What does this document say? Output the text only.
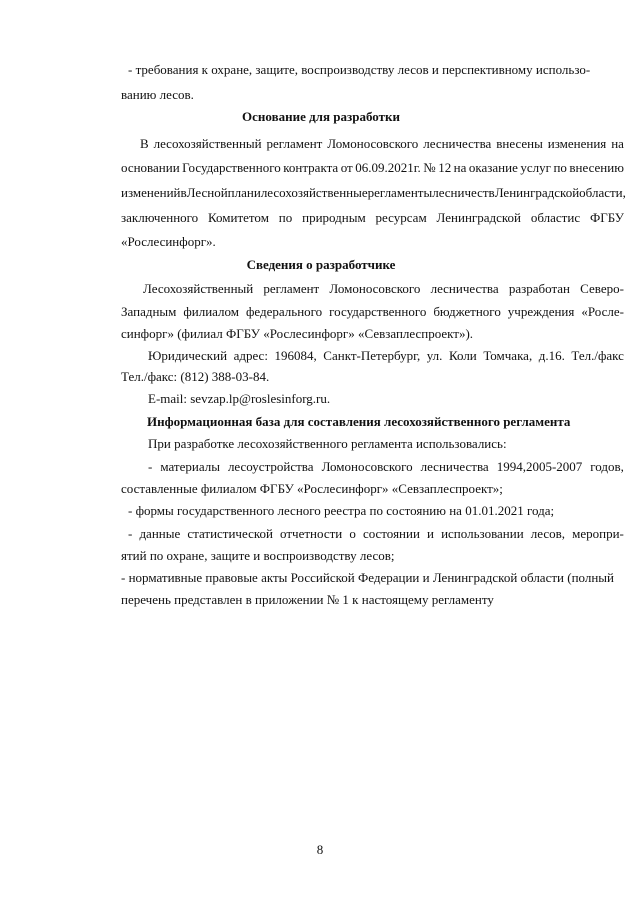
- требования к охране, защите, воспроизводству лесов и перспективному использо-
ванию лесов.
Основание для разработки
В лесохозяйственный регламент Ломоносовского лесничества внесены изменения на
основании Государственного контракта от 06.09.2021г. № 12 на оказание услуг по внесению
изменений в Лесной план и лесохозяйственные регламенты лесничеств Ленинградской области,
заключенного Комитетом по природным ресурсам Ленинградской областис ФГБУ
«Рослесинфорг».
Сведения о разработчике
Лесохозяйственный регламент Ломоносовского лесничества разработан Северо-
Западным филиалом федерального государственного бюджетного учреждения «Росле-
синфорг» (филиал ФГБУ «Рослесинфорг» «Севзаплеспроект»).
Юридический адрес: 196084, Санкт-Петербург, ул. Коли Томчака, д.16. Тел./факс
Тел./факс: (812) 388-03-84.
E-mail: sevzap.lp@roslesinforg.ru.
Информационная база для составления лесохозяйственного регламента
При разработке лесохозяйственного регламента использовались:
- материалы лесоустройства Ломоносовского лесничества 1994,2005-2007 годов,
составленные филиалом ФГБУ «Рослесинфорг» «Севзаплеспроект»;
- формы государственного лесного реестра по состоянию на 01.01.2021 года;
- данные статистической отчетности о состоянии и использовании лесов, меропри-
ятий по охране, защите и воспроизводству лесов;
- нормативные правовые акты Российской Федерации и Ленинградской области (полный
перечень представлен в приложении № 1 к настоящему регламенту
8
